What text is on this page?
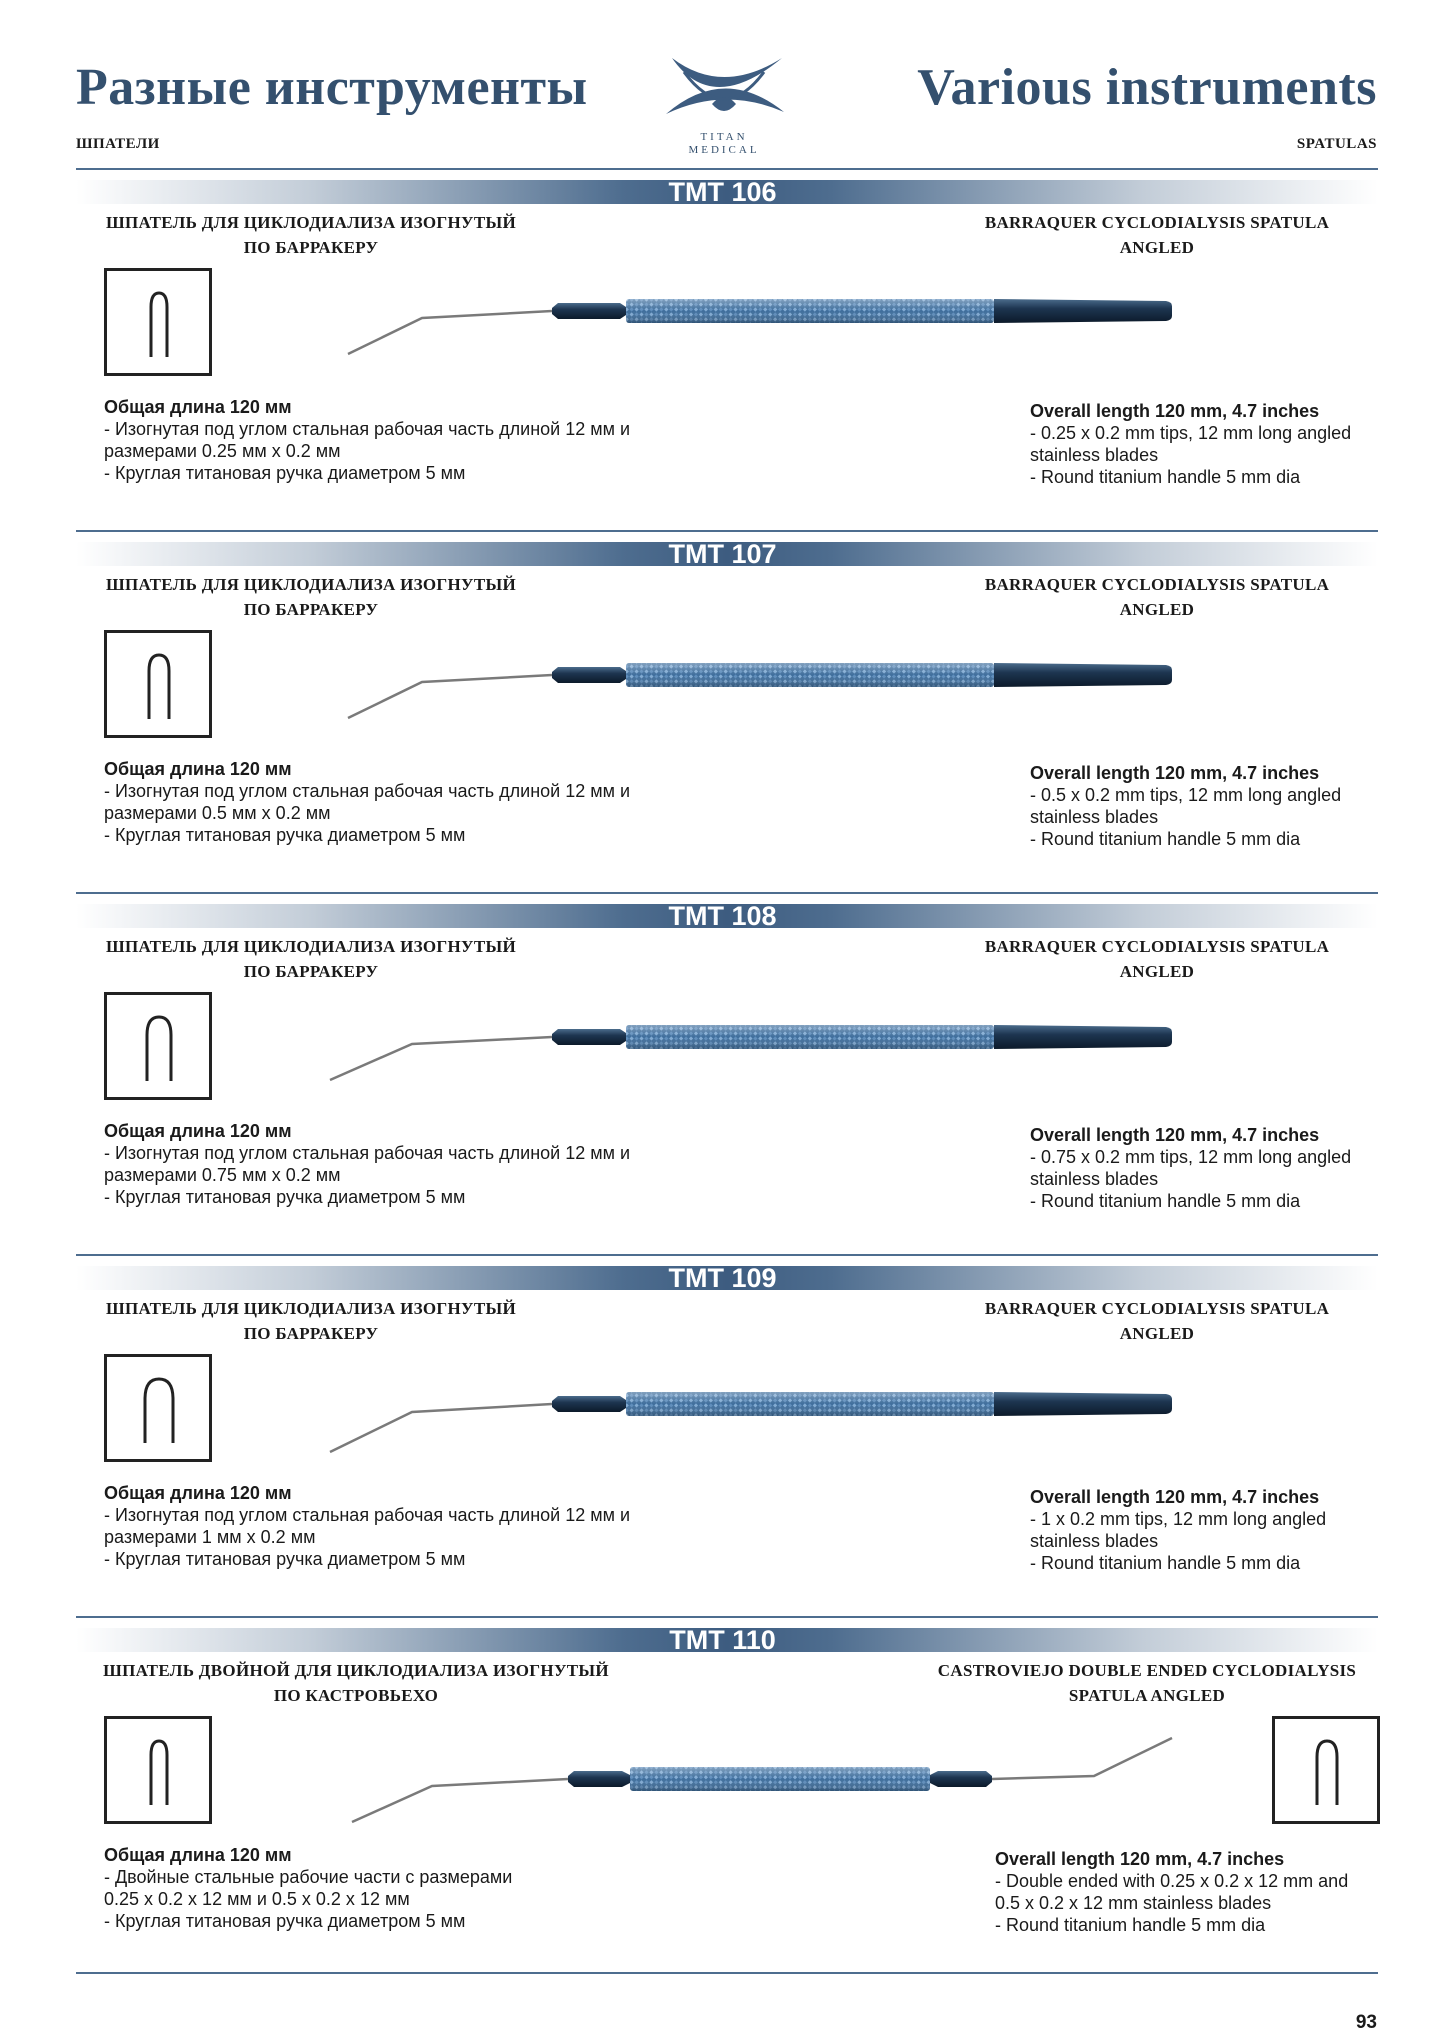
Разные инструменты	Various instruments
ШПАТЕЛИ	SPATULAS
TITAN
MEDICAL
TMT 106
ШПАТЕЛЬ ДЛЯ ЦИКЛОДИАЛИЗА ИЗОГНУТЫЙ
ПО БАРРАКЕРУ
BARRAQUER CYCLODIALYSIS SPATULA
ANGLED
Общая длина 120 мм
- Изогнутая под углом стальная рабочая часть длиной 12 мм и
размерами 0.25 мм х 0.2 мм
- Круглая титановая ручка диаметром 5 мм
Overall length 120 mm, 4.7 inches
- 0.25 x 0.2 mm tips, 12 mm long angled
stainless blades
- Round titanium handle 5 mm dia
TMT 107
ШПАТЕЛЬ ДЛЯ ЦИКЛОДИАЛИЗА ИЗОГНУТЫЙ
ПО БАРРАКЕРУ
BARRAQUER CYCLODIALYSIS SPATULA
ANGLED
Общая длина 120 мм
- Изогнутая под углом стальная рабочая часть длиной 12 мм и
размерами 0.5 мм х 0.2 мм
- Круглая титановая ручка диаметром 5 мм
Overall length 120 mm, 4.7 inches
- 0.5 x 0.2 mm tips, 12 mm long angled
stainless blades
- Round titanium handle 5 mm dia
TMT 108
ШПАТЕЛЬ ДЛЯ ЦИКЛОДИАЛИЗА ИЗОГНУТЫЙ
ПО БАРРАКЕРУ
BARRAQUER CYCLODIALYSIS SPATULA
ANGLED
Общая длина 120 мм
- Изогнутая под углом стальная рабочая часть длиной 12 мм и
размерами 0.75 мм х 0.2 мм
- Круглая титановая ручка диаметром 5 мм
Overall length 120 mm, 4.7 inches
- 0.75 x 0.2 mm tips, 12 mm long angled
stainless blades
- Round titanium handle 5 mm dia
TMT 109
ШПАТЕЛЬ ДЛЯ ЦИКЛОДИАЛИЗА ИЗОГНУТЫЙ
ПО БАРРАКЕРУ
BARRAQUER CYCLODIALYSIS SPATULA
ANGLED
Общая длина 120 мм
- Изогнутая под углом стальная рабочая часть длиной 12 мм и
размерами 1 мм х 0.2 мм
- Круглая титановая ручка диаметром 5 мм
Overall length 120 mm, 4.7 inches
- 1 x 0.2 mm tips, 12 mm long angled
stainless blades
- Round titanium handle 5 mm dia
TMT 110
ШПАТЕЛЬ ДВОЙНОЙ ДЛЯ ЦИКЛОДИАЛИЗА ИЗОГНУТЫЙ
ПО КАСТРОВЬЕХО
CASTROVIEJO DOUBLE ENDED CYCLODIALYSIS
SPATULA ANGLED
Общая длина 120 мм
- Двойные стальные рабочие части с размерами
0.25 х 0.2 х 12 мм и 0.5 х 0.2 х 12 мм
- Круглая титановая ручка диаметром 5 мм
Overall length 120 mm, 4.7 inches
- Double ended with 0.25 x 0.2 x 12 mm and
0.5 x 0.2 x 12 mm stainless blades
- Round titanium handle 5 mm dia
93
